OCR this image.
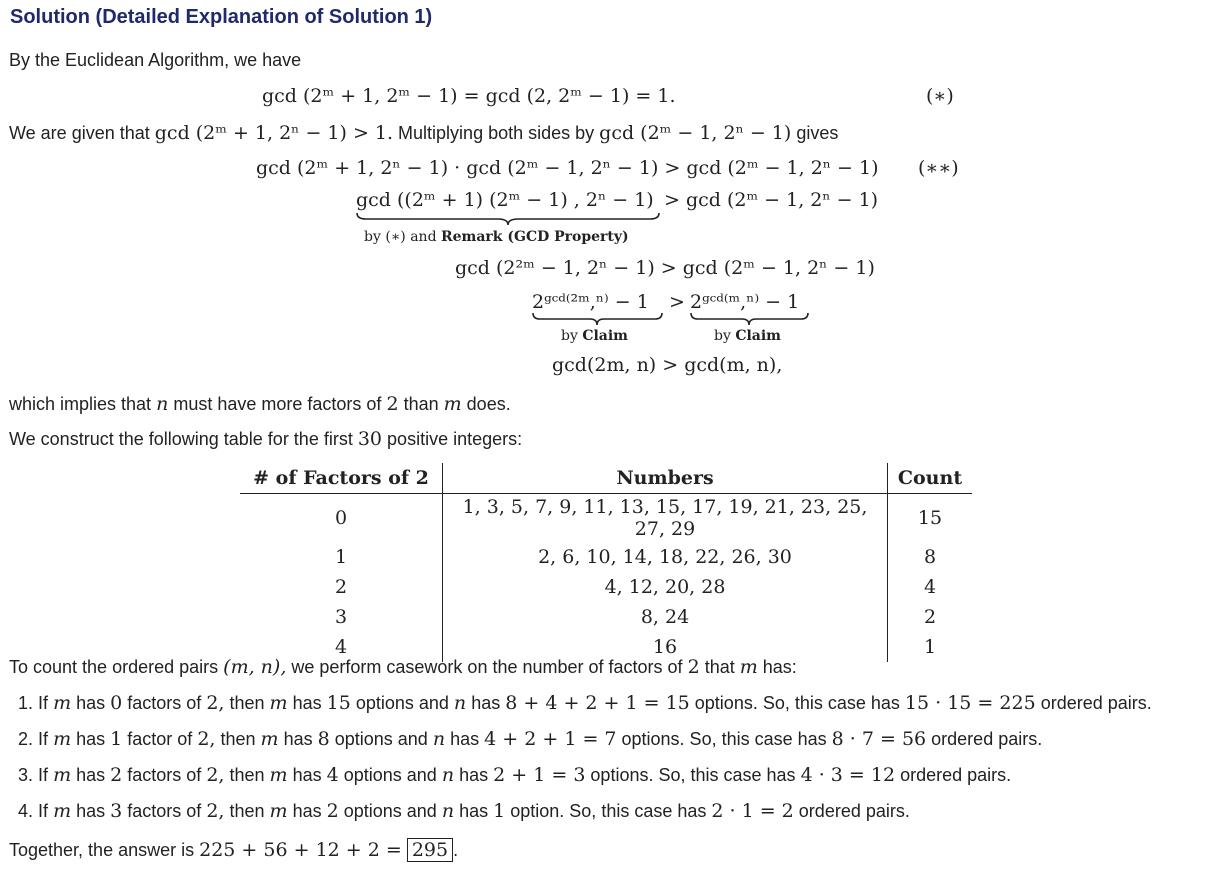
Solution (Detailed Explanation of Solution 1)
By the Euclidean Algorithm, we have
gcd (2ᵐ + 1, 2ᵐ − 1) = gcd (2, 2ᵐ − 1) = 1.	(∗)
We are given that gcd (2ᵐ + 1, 2ⁿ − 1) > 1. Multiplying both sides by gcd (2ᵐ − 1, 2ⁿ − 1) gives
gcd (2ᵐ + 1, 2ⁿ − 1) · gcd (2ᵐ − 1, 2ⁿ − 1) > gcd (2ᵐ − 1, 2ⁿ − 1) (∗∗)
gcd ((2ᵐ + 1) (2ᵐ − 1) , 2ⁿ − 1) > gcd (2ᵐ − 1, 2ⁿ − 1)
by (∗) and Remark (GCD Property)
gcd (2²ᵐ − 1, 2ⁿ − 1) > gcd (2ᵐ − 1, 2ⁿ − 1)
2ᵍᶜᵈ⁽²ᵐ,ⁿ⁾ − 1 > 2ᵍᶜᵈ⁽ᵐ,ⁿ⁾ − 1
by Claim	by Claim
gcd(2m, n) > gcd(m, n),
which implies that n must have more factors of 2 than m does.
We construct the following table for the first 30 positive integers:
# of Factors of 2	Numbers	Count
0	1, 3, 5, 7, 9, 11, 13, 15, 17, 19, 21, 23, 25, 27, 29	15
1	2, 6, 10, 14, 18, 22, 26, 30	8
2	4, 12, 20, 28	4
3	8, 24	2
4	16	1
To count the ordered pairs (m, n), we perform casework on the number of factors of 2 that m has:
1. If m has 0 factors of 2, then m has 15 options and n has 8 + 4 + 2 + 1 = 15 options. So, this case has 15 · 15 = 225 ordered pairs.
2. If m has 1 factor of 2, then m has 8 options and n has 4 + 2 + 1 = 7 options. So, this case has 8 · 7 = 56 ordered pairs.
3. If m has 2 factors of 2, then m has 4 options and n has 2 + 1 = 3 options. So, this case has 4 · 3 = 12 ordered pairs.
4. If m has 3 factors of 2, then m has 2 options and n has 1 option. So, this case has 2 · 1 = 2 ordered pairs.
Together, the answer is 225 + 56 + 12 + 2 = 295 .
